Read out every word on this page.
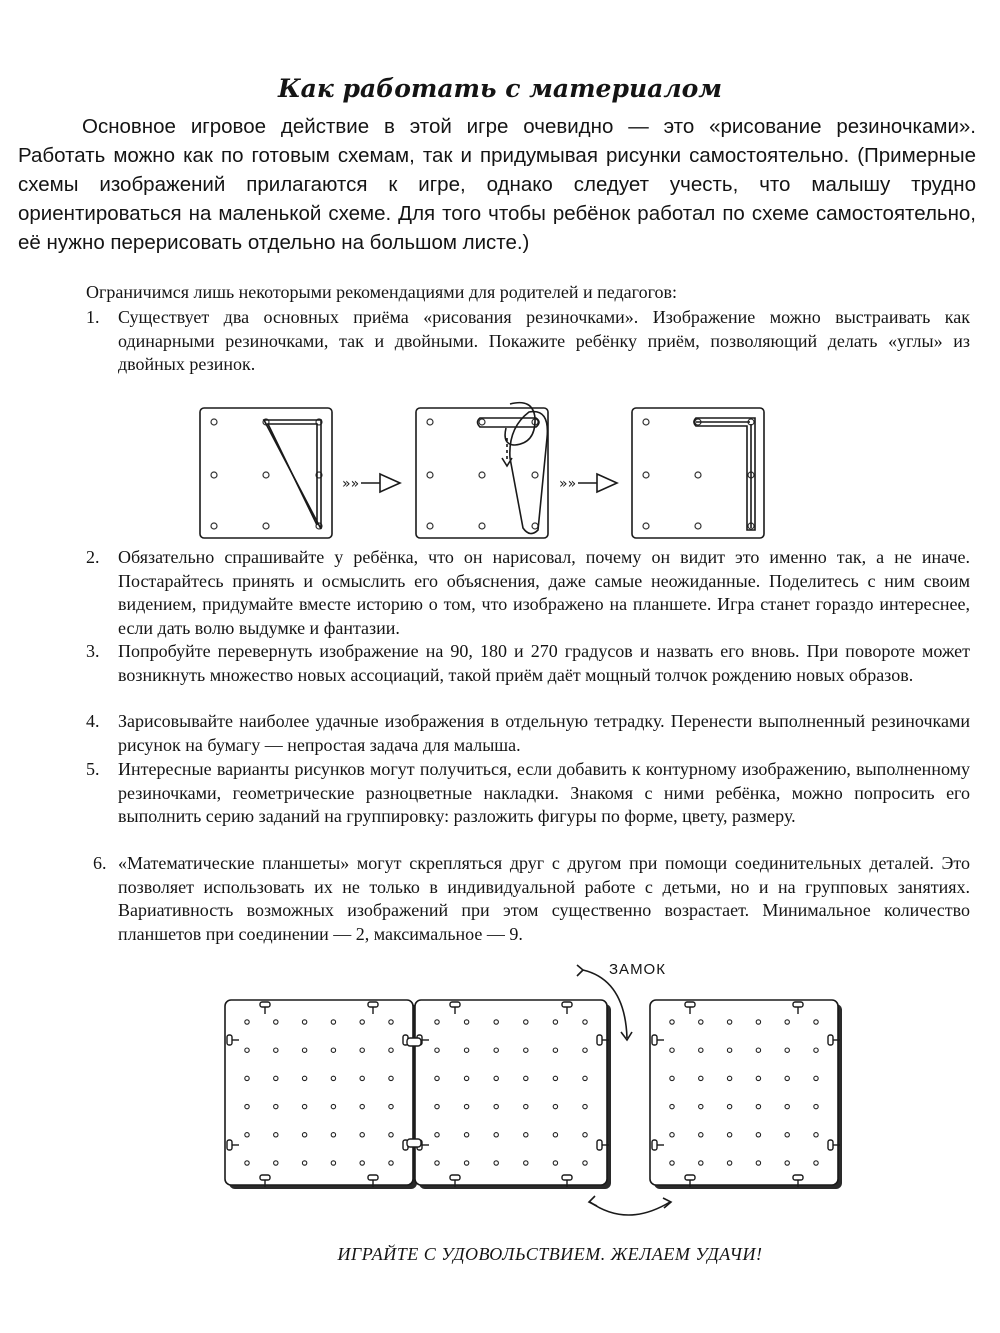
Как работать с материалом

Основное игровое действие в этой игре очевидно — это «рисование резиночками». Работать можно как по готовым схемам, так и придумывая рисунки самостоятельно. (Примерные схемы изображений прилагаются к игре, однако следует учесть, что малышу трудно ориентироваться на маленькой схеме. Для того чтобы ребёнок работал по схеме самостоятельно, её нужно перерисовать отдельно на большом листе.)

Ограничимся лишь некоторыми рекомендациями для родителей и педагогов:

1. Существует два основных приёма «рисования резиночками». Изображение можно выстраивать как одинарными резиночками, так и двойными. Покажите ребёнку приём, позволяющий делать «углы» из двойных резинок.
»»	»»
2. Обязательно спрашивайте у ребёнка, что он нарисовал, почему он видит это именно так, а не иначе. Постарайтесь принять и осмыслить его объяснения, даже самые неожиданные. Поделитесь с ним своим видением, придумайте вместе историю о том, что изображено на планшете. Игра станет гораздо интереснее, если дать волю выдумке и фантазии.
3. Попробуйте перевернуть изображение на 90, 180 и 270 градусов и назвать его вновь. При повороте может возникнуть множество новых ассоциаций, такой приём даёт мощный толчок рождению новых образов.
4. Зарисовывайте наиболее удачные изображения в отдельную тетрадку. Перенести выполненный резиночками рисунок на бумагу — непростая задача для малыша.
5. Интересные варианты рисунков могут получиться, если добавить к контурному изображению, выполненному резиночками, геометрические разноцветные накладки. Знакомя с ними ребёнка, можно попросить его выполнить серию заданий на группировку: разложить фигуры по форме, цвету, размеру.
6. «Математические планшеты» могут скрепляться друг с другом при помощи соединительных деталей. Это позволяет использовать их не только в индивидуальной работе с детьми, но и на групповых занятиях. Вариативность возможных изображений при этом существенно возрастает. Минимальное количество планшетов при соединении — 2, максимальное — 9.
ЗАМОК
ИГРАЙТЕ С УДОВОЛЬСТВИЕМ. ЖЕЛАЕМ УДАЧИ!
